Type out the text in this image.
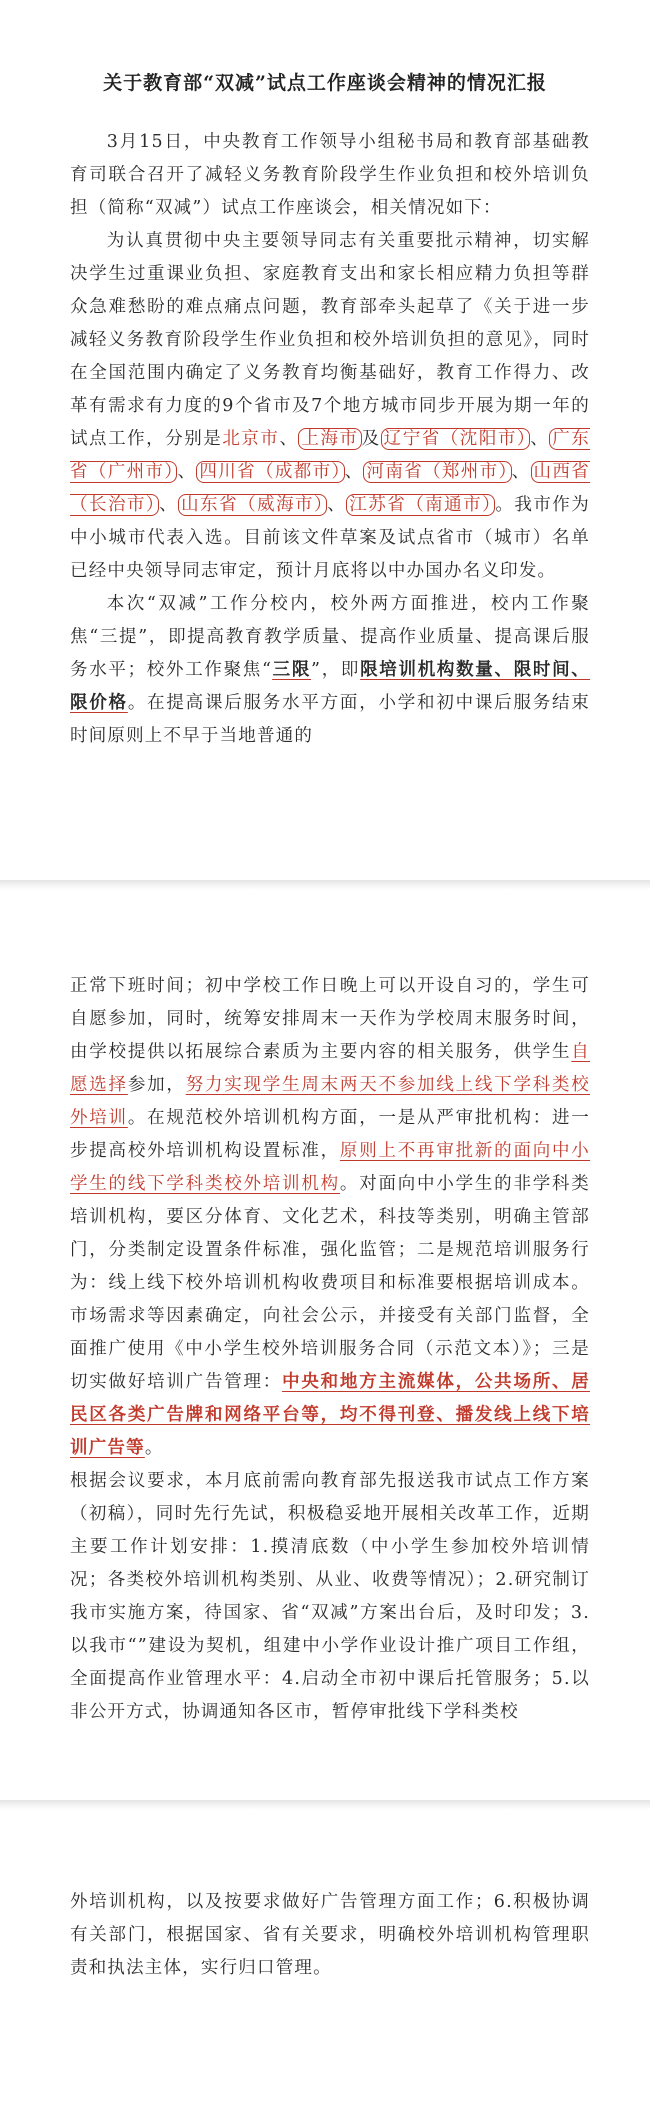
关于教育部“双减”试点工作座谈会精神的情况汇报

3月15日，中央教育工作领导小组秘书局和教育部基础教育司联合召开了减轻义务教育阶段学生作业负担和校外培训负担（简称“双减”）试点工作座谈会，相关情况如下：

为认真贯彻中央主要领导同志有关重要批示精神，切实解决学生过重课业负担、家庭教育支出和家长相应精力负担等群众急难愁盼的难点痛点问题，教育部牵头起草了《关于进一步减轻义务教育阶段学生作业负担和校外培训负担的意见》，同时在全国范围内确定了义务教育均衡基础好，教育工作得力、改革有需求有力度的9个省市及7个地方城市同步开展为期一年的试点工作，分别是北京市、 上海市 及 辽宁省（沈阳市） 、 广东省（广州市） 、 四川省（成都市） 、 河南省（郑州市） 、 山西省（长治市） 、 山东省（威海市） 、 江苏省（南通市） 。我市作为中小城市代表入选。目前该文件草案及试点省市（城市）名单已经中央领导同志审定，预计月底将以中办国办名义印发。

本次“双减”工作分校内，校外两方面推进，校内工作聚焦“三提”，即提高教育教学质量、提高作业质量、提高课后服务水平；校外工作聚焦“三限”，即限培训机构数量、限时间、限价格。在提高课后服务水平方面，小学和初中课后服务结束时间原则上不早于当地普通的

正常下班时间；初中学校工作日晚上可以开设自习的，学生可自愿参加，同时，统筹安排周末一天作为学校周末服务时间，由学校提供以拓展综合素质为主要内容的相关服务，供学生自愿选择参加，努力实现学生周末两天不参加线上线下学科类校外培训。在规范校外培训机构方面，一是从严审批机构：进一步提高校外培训机构设置标准，原则上不再审批新的面向中小学生的线下学科类校外培训机构。对面向中小学生的非学科类培训机构，要区分体育、文化艺术，科技等类别，明确主管部门，分类制定设置条件标准，强化监管；二是规范培训服务行为：线上线下校外培训机构收费项目和标准要根据培训成本。市场需求等因素确定，向社会公示，并接受有关部门监督，全面推广使用《中小学生校外培训服务合同（示范文本）》；三是切实做好培训广告管理：中央和地方主流媒体，公共场所、居民区各类广告牌和网络平台等，均不得刊登、播发线上线下培训广告等。

根据会议要求，本月底前需向教育部先报送我市试点工作方案（初稿），同时先行先试，积极稳妥地开展相关改革工作，近期主要工作计划安排：1.摸清底数（中小学生参加校外培训情况；各类校外培训机构类别、从业、收费等情况）；2.研究制订我市实施方案，待国家、省“双减”方案出台后，及时印发；3.以我市“”建设为契机，组建中小学作业设计推广项目工作组，全面提高作业管理水平：4.启动全市初中课后托管服务；5.以非公开方式，协调通知各区市，暂停审批线下学科类校

外培训机构，以及按要求做好广告管理方面工作；6.积极协调有关部门，根据国家、省有关要求，明确校外培训机构管理职责和执法主体，实行归口管理。
